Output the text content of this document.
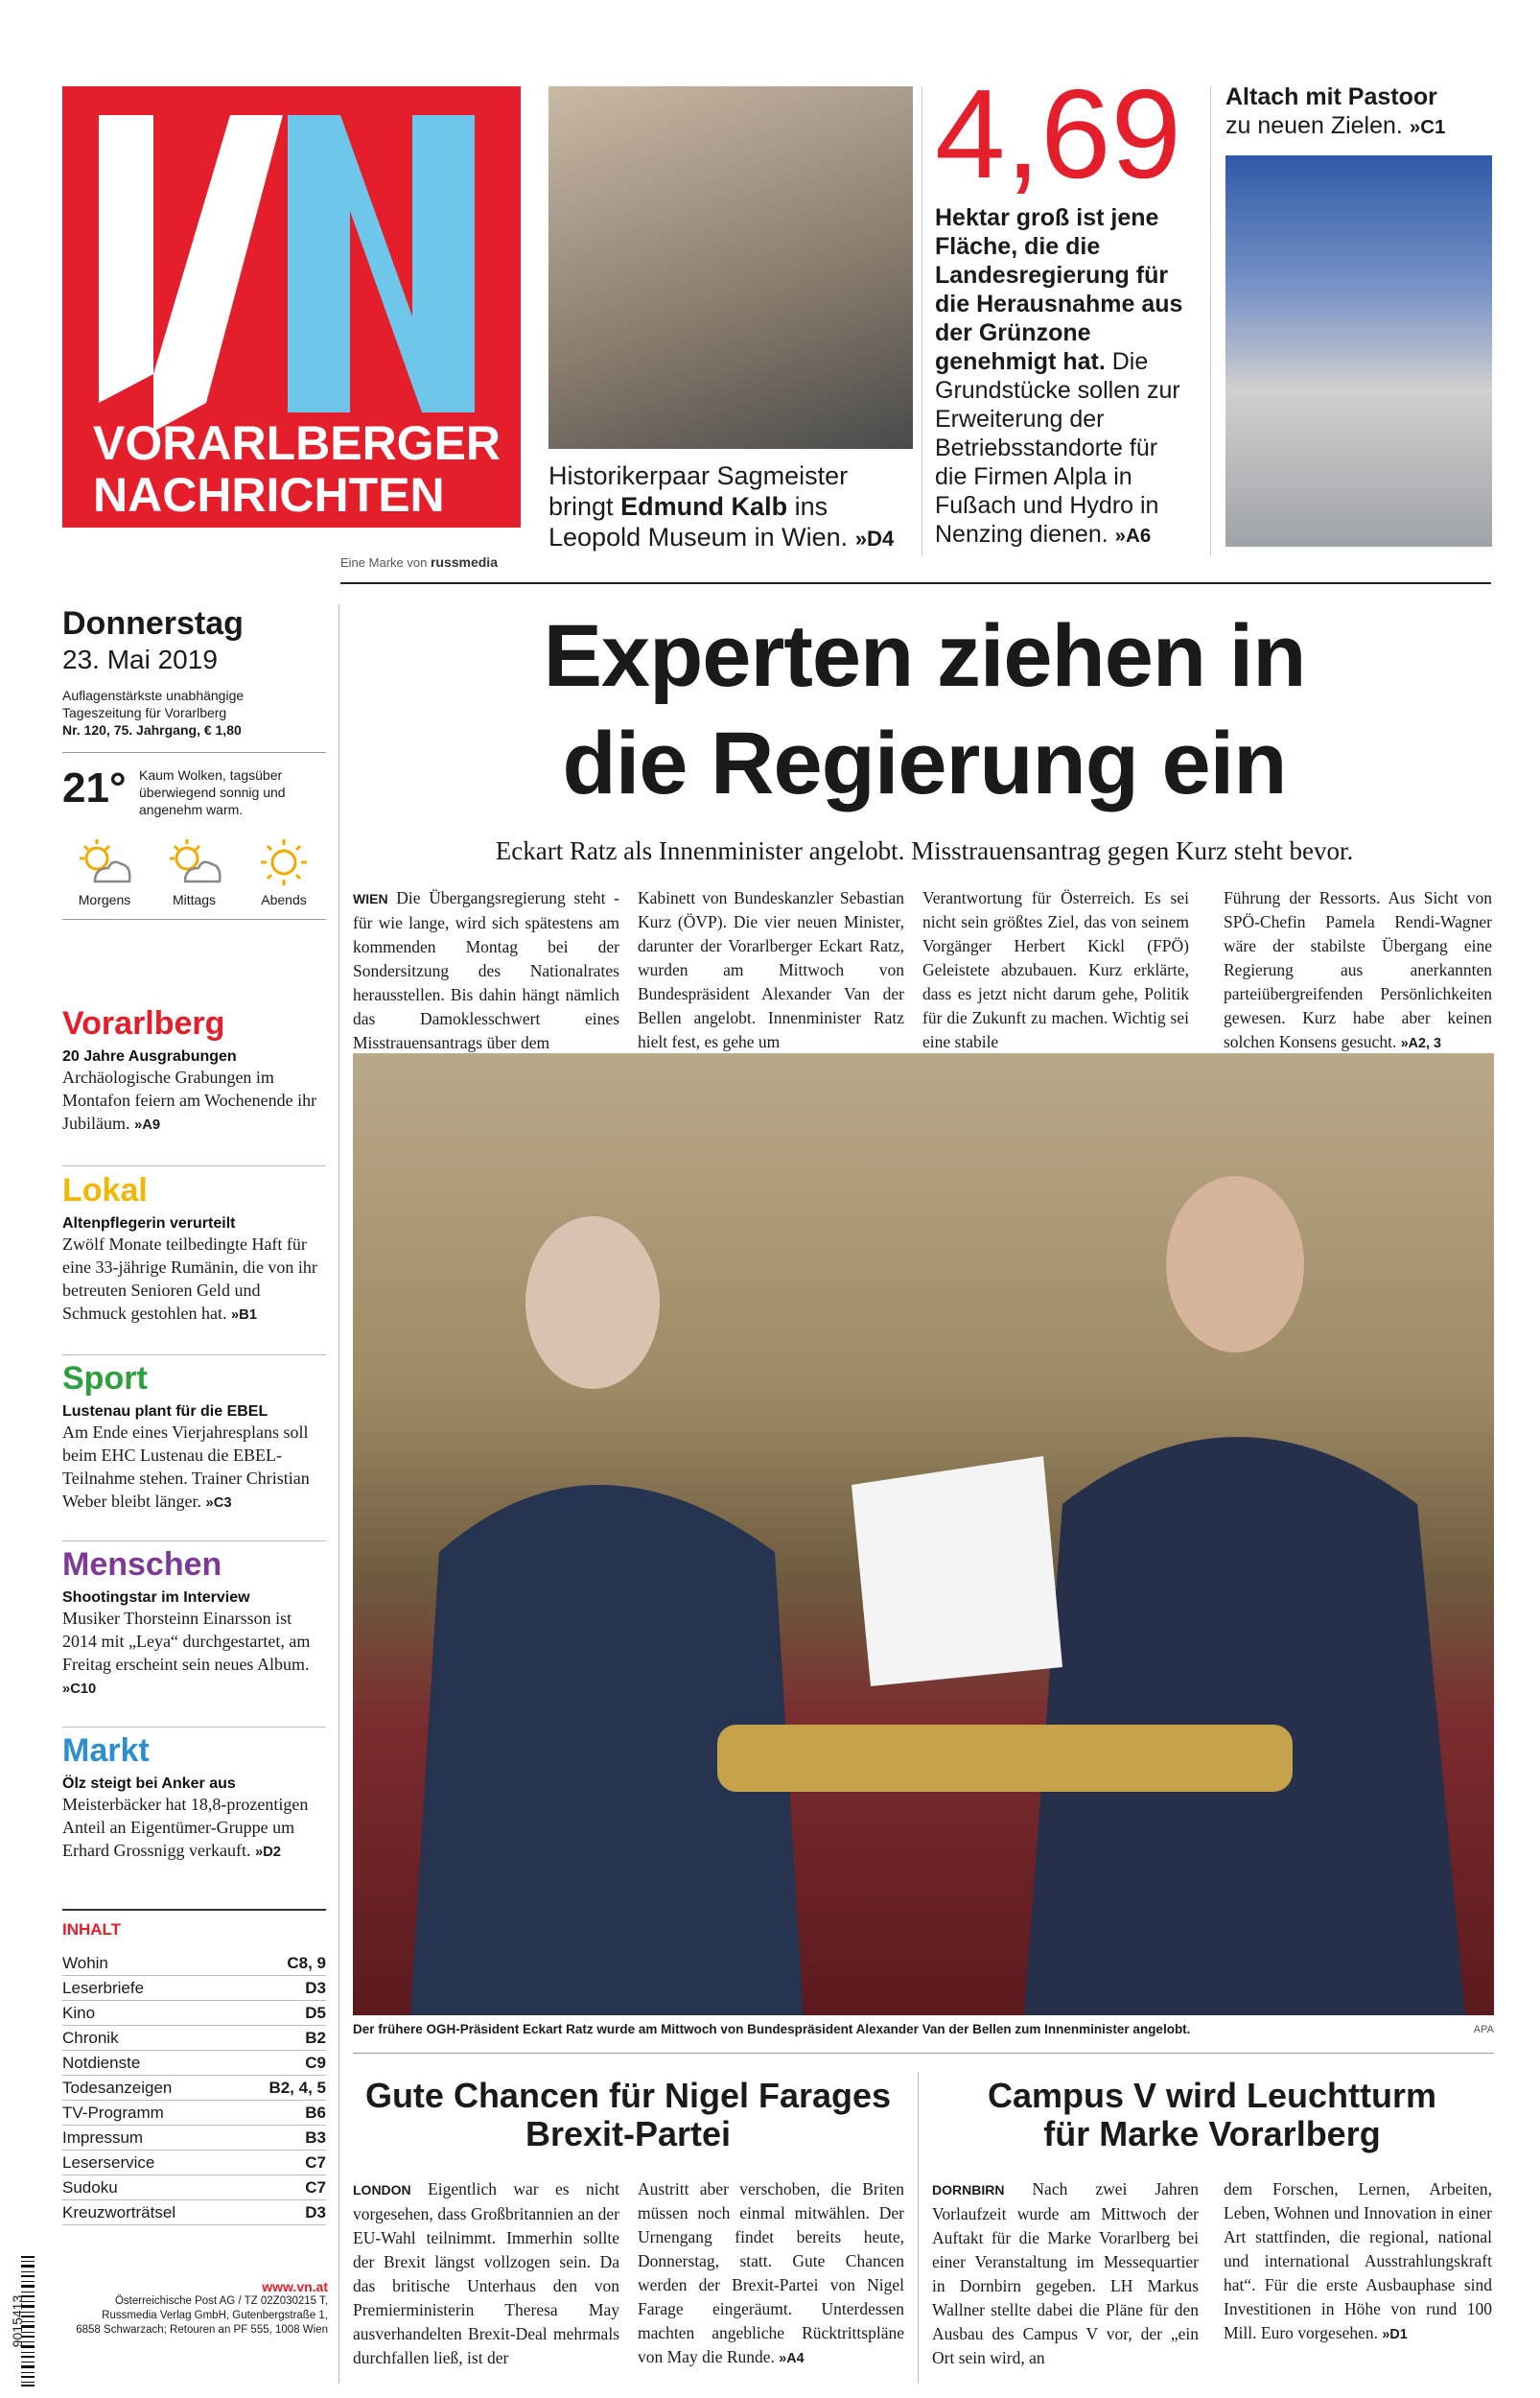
VORARLBERGER
NACHRICHTEN
Eine Marke von russmedia
Historikerpaar Sagmeister bringt Edmund Kalb ins Leopold Museum in Wien. »D4
4,69
Hektar groß ist jene Fläche, die die Landesregierung für die Herausnahme aus der Grünzone genehmigt hat. Die Grundstücke sollen zur Erweiterung der Betriebsstandorte für die Firmen Alpla in Fußach und Hydro in Nenzing dienen. »A6
Altach mit Pastoor
zu neuen Zielen. »C1
Donnerstag
23. Mai 2019
Auflagenstärkste unabhängige
Tageszeitung für Vorarlberg
Nr. 120, 75. Jahrgang, € 1,80
21° Kaum Wolken, tagsüber überwiegend sonnig und angenehm warm.
Morgens	Mittags	Abends
Vorarlberg
20 Jahre Ausgrabungen
Archäologische Grabungen im Montafon feiern am Wochenende ihr Jubiläum. »A9
Lokal
Altenpflegerin verurteilt
Zwölf Monate teilbedingte Haft für eine 33-jährige Rumänin, die von ihr betreuten Senioren Geld und Schmuck gestohlen hat. »B1
Sport
Lustenau plant für die EBEL
Am Ende eines Vierjahresplans soll beim EHC Lustenau die EBEL-Teilnahme stehen. Trainer Christian Weber bleibt länger. »C3
Menschen
Shootingstar im Interview
Musiker Thorsteinn Einarsson ist 2014 mit „Leya“ durchgestartet, am Freitag erscheint sein neues Album. »C10
Markt
Ölz steigt bei Anker aus
Meisterbäcker hat 18,8-prozentigen Anteil an Eigentümer-Gruppe um Erhard Grossnigg verkauft. »D2
INHALT
Wohin	C8, 9
Leserbriefe	D3
Kino	D5
Chronik	B2
Notdienste	C9
Todesanzeigen	B2, 4, 5
TV-Programm	B6
Impressum	B3
Leserservice	C7
Sudoku	C7
Kreuzworträtsel	D3
9015413
www.vn.at
Österreichische Post AG / TZ 02Z030215 T,
Russmedia Verlag GmbH, Gutenbergstraße 1,
6858 Schwarzach; Retouren an PF 555, 1008 Wien
Experten ziehen in
die Regierung ein
Eckart Ratz als Innenminister angelobt. Misstrauensantrag gegen Kurz steht bevor.
WIEN Die Übergangsregierung steht - für wie lange, wird sich spätestens am kommenden Montag bei der Sondersitzung des Nationalrates herausstellen. Bis dahin hängt nämlich das Damoklesschwert eines Misstrauensantrags über dem
Kabinett von Bundeskanzler Sebastian Kurz (ÖVP). Die vier neuen Minister, darunter der Vorarlberger Eckart Ratz, wurden am Mittwoch von Bundespräsident Alexander Van der Bellen angelobt. Innenminister Ratz hielt fest, es gehe um
Verantwortung für Österreich. Es sei nicht sein größtes Ziel, das von seinem Vorgänger Herbert Kickl (FPÖ) Geleistete abzubauen. Kurz erklärte, dass es jetzt nicht darum gehe, Politik für die Zukunft zu machen. Wichtig sei eine stabile
Führung der Ressorts. Aus Sicht von SPÖ-Chefin Pamela Rendi-Wagner wäre der stabilste Übergang eine Regierung aus anerkannten parteiübergreifenden Persönlichkeiten gewesen. Kurz habe aber keinen solchen Konsens gesucht. »A2, 3
Der frühere OGH-Präsident Eckart Ratz wurde am Mittwoch von Bundespräsident Alexander Van der Bellen zum Innenminister angelobt.	APA
Gute Chancen für Nigel Farages
Brexit-Partei
LONDON Eigentlich war es nicht vorgesehen, dass Großbritannien an der EU-Wahl teilnimmt. Immerhin sollte der Brexit längst vollzogen sein. Da das britische Unterhaus den von Premierministerin Theresa May ausverhandelten Brexit-Deal mehrmals durchfallen ließ, ist der
Austritt aber verschoben, die Briten müssen noch einmal mitwählen. Der Urnengang findet bereits heute, Donnerstag, statt. Gute Chancen werden der Brexit-Partei von Nigel Farage eingeräumt. Unterdessen machten angebliche Rücktrittspläne von May die Runde. »A4
Campus V wird Leuchtturm
für Marke Vorarlberg
DORNBIRN Nach zwei Jahren Vorlaufzeit wurde am Mittwoch der Auftakt für die Marke Vorarlberg bei einer Veranstaltung im Messequartier in Dornbirn gegeben. LH Markus Wallner stellte dabei die Pläne für den Ausbau des Campus V vor, der „ein Ort sein wird, an
dem Forschen, Lernen, Arbeiten, Leben, Wohnen und Innovation in einer Art stattfinden, die regional, national und international Ausstrahlungskraft hat“. Für die erste Ausbauphase sind Investitionen in Höhe von rund 100 Mill. Euro vorgesehen. »D1
